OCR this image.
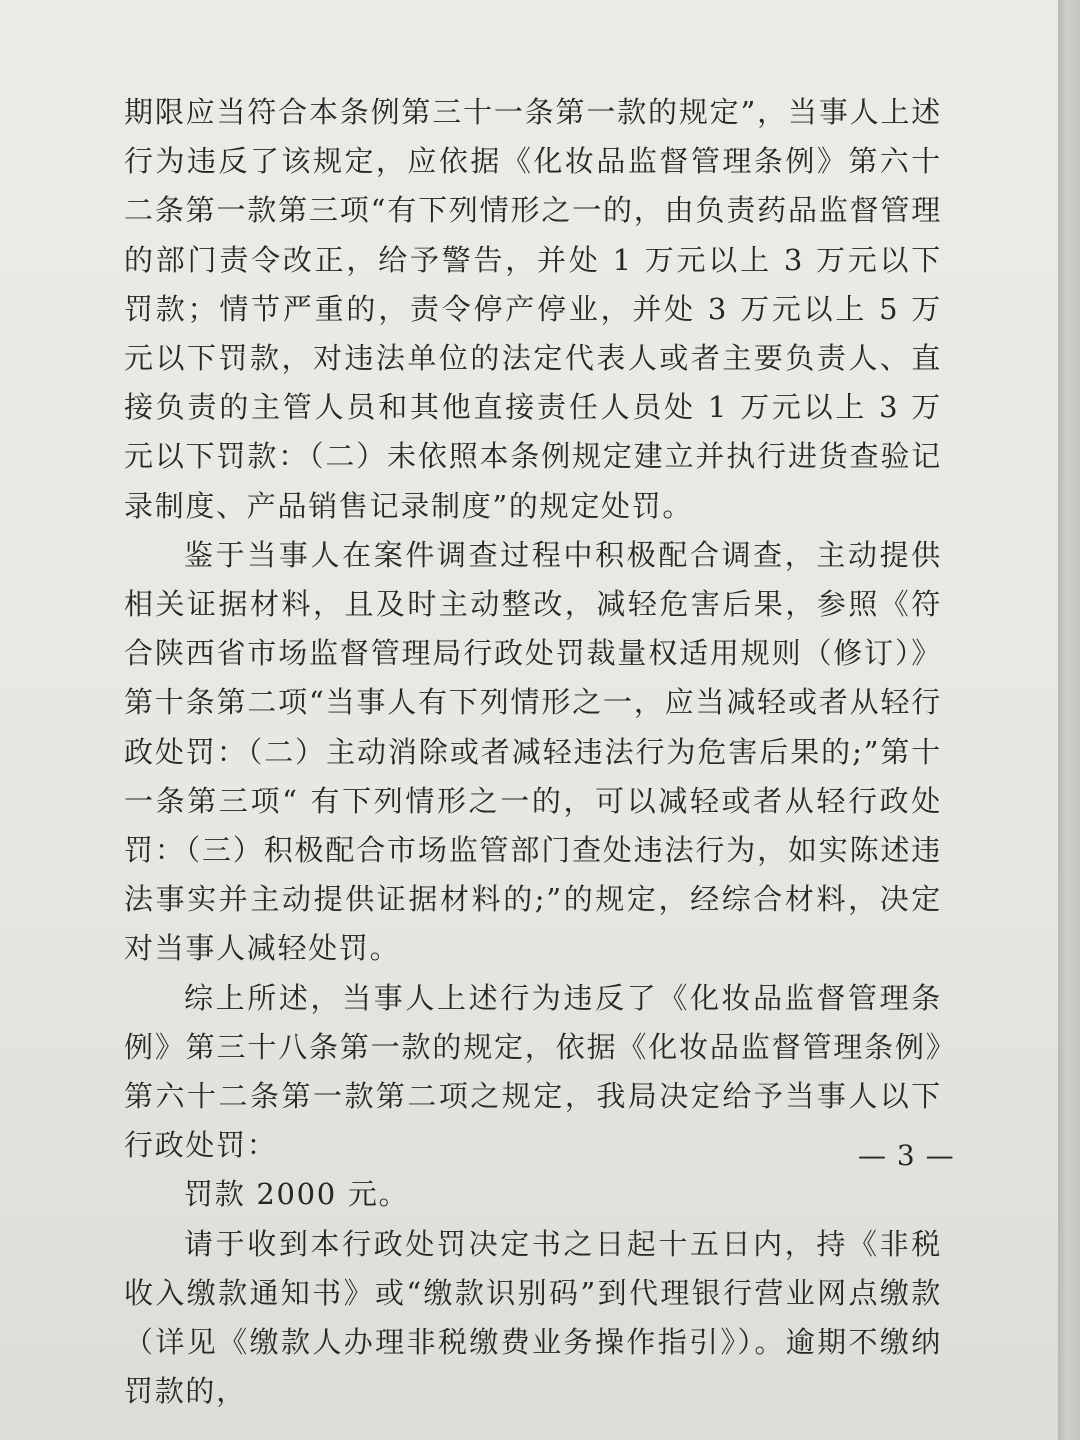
期限应当符合本条例第三十一条第一款的规定”，当事人上述行为违反了该规定，应依据《化妆品监督管理条例》第六十二条第一款第三项“有下列情形之一的，由负责药品监督管理的部门责令改正，给予警告，并处 1 万元以上 3 万元以下罚款；情节严重的，责令停产停业，并处 3 万元以上 5 万元以下罚款，对违法单位的法定代表人或者主要负责人、直接负责的主管人员和其他直接责任人员处 1 万元以上 3 万元以下罚款：（二）未依照本条例规定建立并执行进货查验记录制度、产品销售记录制度”的规定处罚。

鉴于当事人在案件调查过程中积极配合调查，主动提供相关证据材料，且及时主动整改，减轻危害后果，参照《符合陕西省市场监督管理局行政处罚裁量权适用规则（修订）》第十条第二项“当事人有下列情形之一，应当减轻或者从轻行政处罚：（二）主动消除或者减轻违法行为危害后果的;”第十一条第三项“ 有下列情形之一的，可以减轻或者从轻行政处罚：（三）积极配合市场监管部门查处违法行为，如实陈述违法事实并主动提供证据材料的;”的规定，经综合材料，决定对当事人减轻处罚。

综上所述，当事人上述行为违反了《化妆品监督管理条例》第三十八条第一款的规定，依据《化妆品监督管理条例》第六十二条第一款第二项之规定，我局决定给予当事人以下行政处罚：

罚款 2000 元。

请于收到本行政处罚决定书之日起十五日内，持《非税收入缴款通知书》或“缴款识别码”到代理银行营业网点缴款（详见《缴款人办理非税缴费业务操作指引》）。逾期不缴纳罚款的，

— 3 —
